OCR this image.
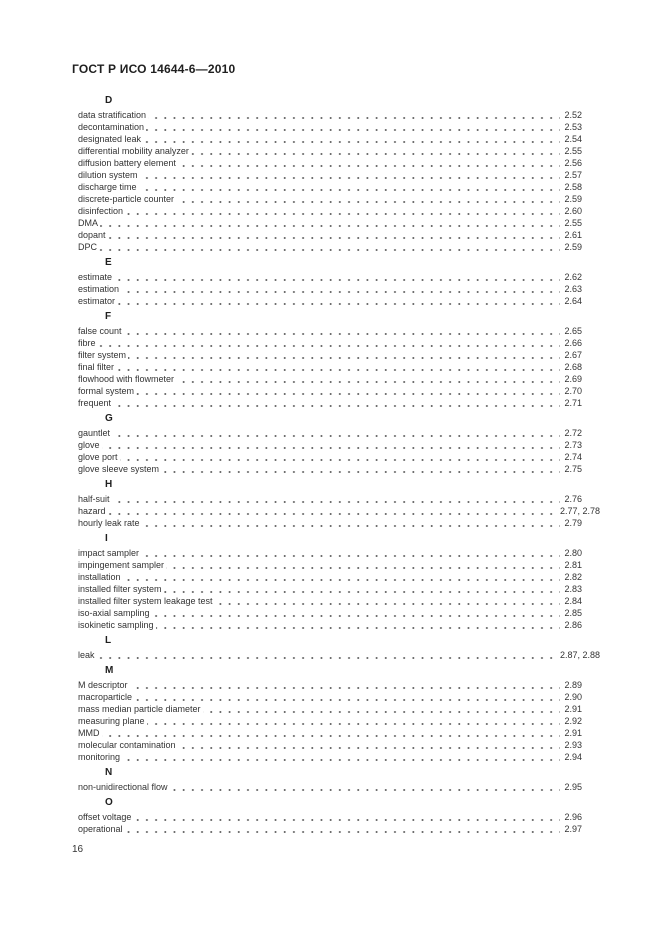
ГОСТ Р ИСО 14644-6—2010
D
data stratification	2.52
decontamination	2.53
designated leak	2.54
differential mobility analyzer	2.55
diffusion battery element	2.56
dilution system	2.57
discharge time	2.58
discrete-particle counter	2.59
disinfection	2.60
DMA	2.55
dopant	2.61
DPC	2.59
E
estimate	2.62
estimation	2.63
estimator	2.64
F
false count	2.65
fibre	2.66
filter system	2.67
final filter	2.68
flowhood with flowmeter	2.69
formal system	2.70
frequent	2.71
G
gauntlet	2.72
glove	2.73
glove port	2.74
glove sleeve system	2.75
H
half-suit	2.76
hazard	2.77, 2.78
hourly leak rate	2.79
I
impact sampler	2.80
impingement sampler	2.81
installation	2.82
installed filter system	2.83
installed filter system leakage test	2.84
iso-axial sampling	2.85
isokinetic sampling	2.86
L
leak	2.87, 2.88
M
M descriptor	2.89
macroparticle	2.90
mass median particle diameter	2.91
measuring plane	2.92
MMD	2.91
molecular contamination	2.93
monitoring	2.94
N
non-unidirectional flow	2.95
O
offset voltage	2.96
operational	2.97
16
